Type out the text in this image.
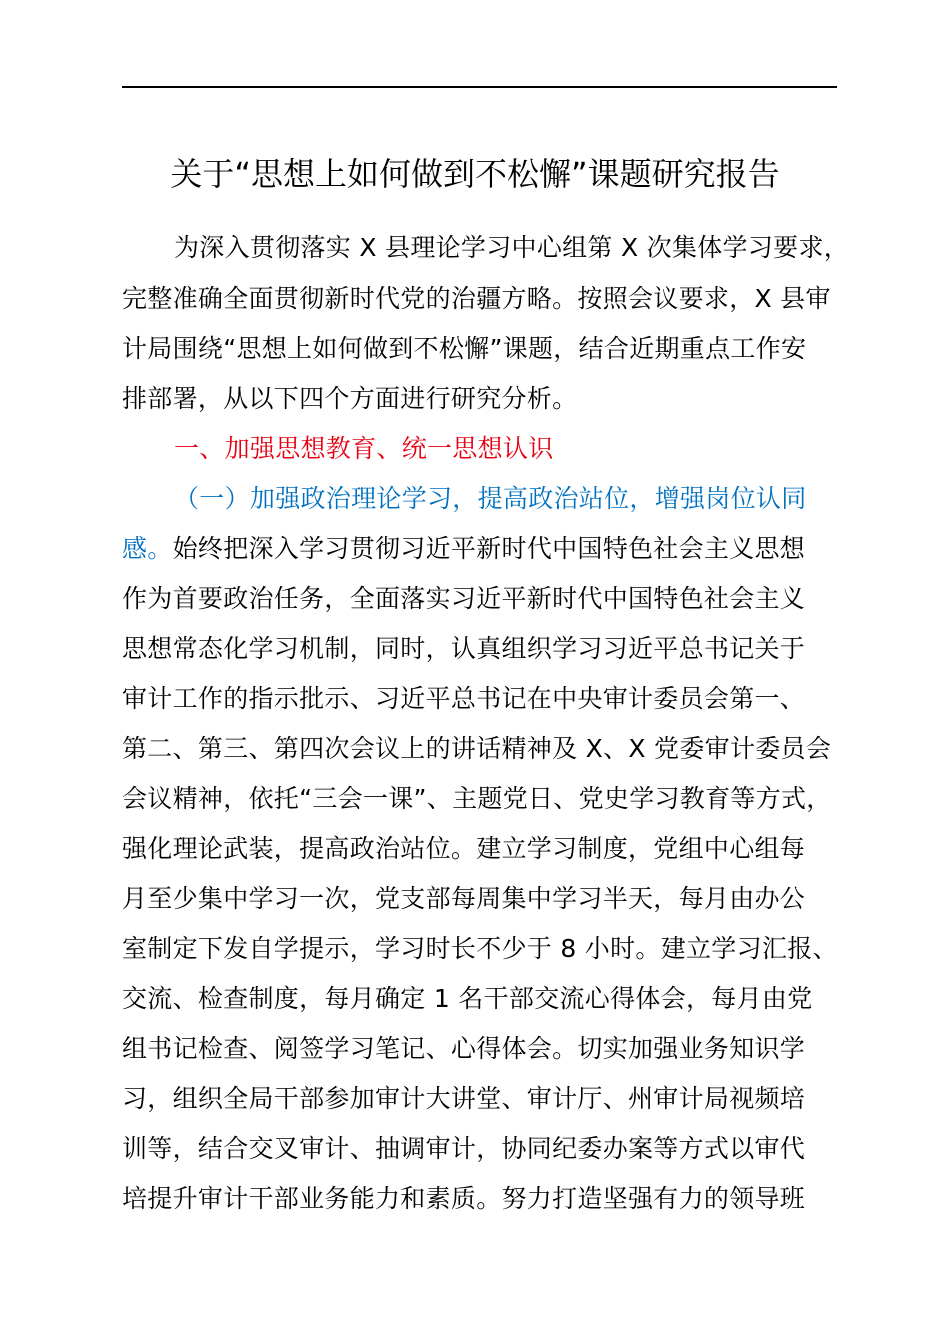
关于“思想上如何做到不松懈”课题研究报告
为深入贯彻落实 X 县理论学习中心组第 X 次集体学习要求，
完整准确全面贯彻新时代党的治疆方略。按照会议要求，X 县审
计局围绕“思想上如何做到不松懈”课题，结合近期重点工作安
排部署，从以下四个方面进行研究分析。
一、加强思想教育、统一思想认识
（一）加强政治理论学习，提高政治站位，增强岗位认同
感。始终把深入学习贯彻习近平新时代中国特色社会主义思想
作为首要政治任务，全面落实习近平新时代中国特色社会主义
思想常态化学习机制，同时，认真组织学习习近平总书记关于
审计工作的指示批示、习近平总书记在中央审计委员会第一、
第二、第三、第四次会议上的讲话精神及 X、X 党委审计委员会
会议精神，依托“三会一课”、主题党日、党史学习教育等方式，
强化理论武装，提高政治站位。建立学习制度，党组中心组每
月至少集中学习一次，党支部每周集中学习半天，每月由办公
室制定下发自学提示，学习时长不少于 8 小时。建立学习汇报、
交流、检查制度，每月确定 1 名干部交流心得体会，每月由党
组书记检查、阅签学习笔记、心得体会。切实加强业务知识学
习，组织全局干部参加审计大讲堂、审计厅、州审计局视频培
训等，结合交叉审计、抽调审计，协同纪委办案等方式以审代
培提升审计干部业务能力和素质。努力打造坚强有力的领导班
